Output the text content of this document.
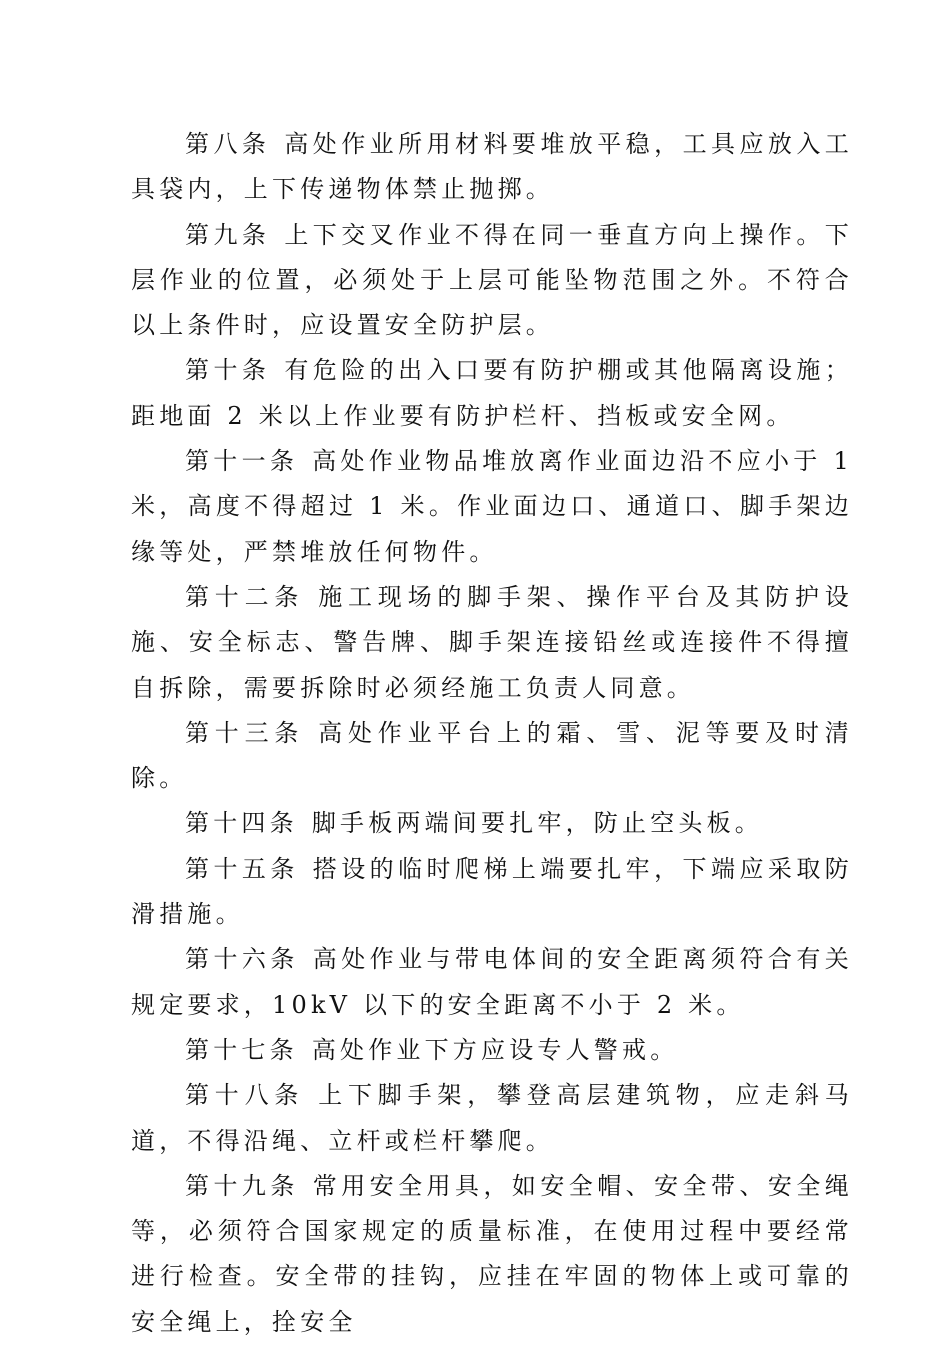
第八条 高处作业所用材料要堆放平稳，工具应放入工具袋内，上下传递物体禁止抛掷。

第九条 上下交叉作业不得在同一垂直方向上操作。下层作业的位置，必须处于上层可能坠物范围之外。不符合以上条件时，应设置安全防护层。

第十条 有危险的出入口要有防护棚或其他隔离设施；距地面 2 米以上作业要有防护栏杆、挡板或安全网。

第十一条 高处作业物品堆放离作业面边沿不应小于 1 米，高度不得超过 1 米。作业面边口、通道口、脚手架边缘等处，严禁堆放任何物件。

第十二条 施工现场的脚手架、操作平台及其防护设施、安全标志、警告牌、脚手架连接铅丝或连接件不得擅自拆除，需要拆除时必须经施工负责人同意。

第十三条 高处作业平台上的霜、雪、泥等要及时清除。

第十四条 脚手板两端间要扎牢，防止空头板。

第十五条 搭设的临时爬梯上端要扎牢，下端应采取防滑措施。

第十六条 高处作业与带电体间的安全距离须符合有关规定要求，10kV 以下的安全距离不小于 2 米。

第十七条 高处作业下方应设专人警戒。

第十八条 上下脚手架，攀登高层建筑物，应走斜马道，不得沿绳、立杆或栏杆攀爬。

第十九条 常用安全用具，如安全帽、安全带、安全绳等，必须符合国家规定的质量标准，在使用过程中要经常进行检查。安全带的挂钩，应挂在牢固的物体上或可靠的安全绳上，拴安全
